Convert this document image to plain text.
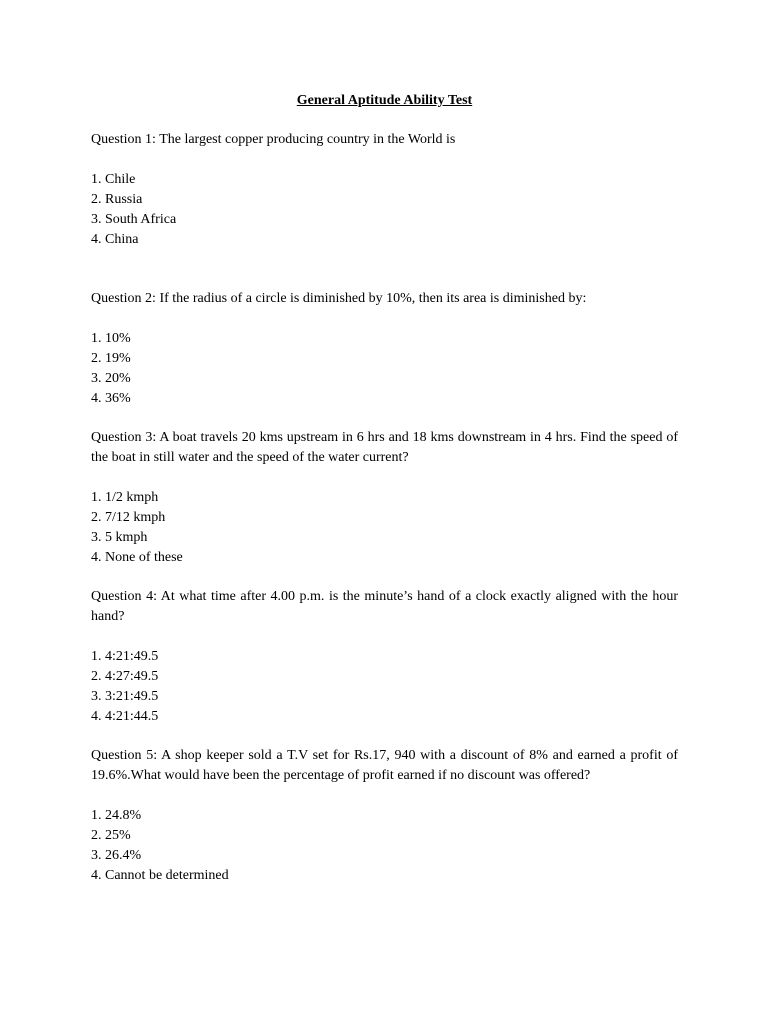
General Aptitude Ability Test

Question 1: The largest copper producing country in the World is

1. Chile
2. Russia
3. South Africa
4. China

Question 2: If the radius of a circle is diminished by 10%, then its area is diminished by:

1. 10%
2. 19%
3. 20%
4. 36%

Question 3: A boat travels 20 kms upstream in 6 hrs and 18 kms downstream in 4 hrs. Find the speed of the boat in still water and the speed of the water current?

1. 1/2 kmph
2. 7/12 kmph
3. 5 kmph
4. None of these

Question 4: At what time after 4.00 p.m. is the minute’s hand of a clock exactly aligned with the hour hand?

1. 4:21:49.5
2. 4:27:49.5
3. 3:21:49.5
4. 4:21:44.5

Question 5: A shop keeper sold a T.V set for Rs.17, 940 with a discount of 8% and earned a profit of 19.6%.What would have been the percentage of profit earned if no discount was offered?

1. 24.8%
2. 25%
3. 26.4%
4. Cannot be determined
